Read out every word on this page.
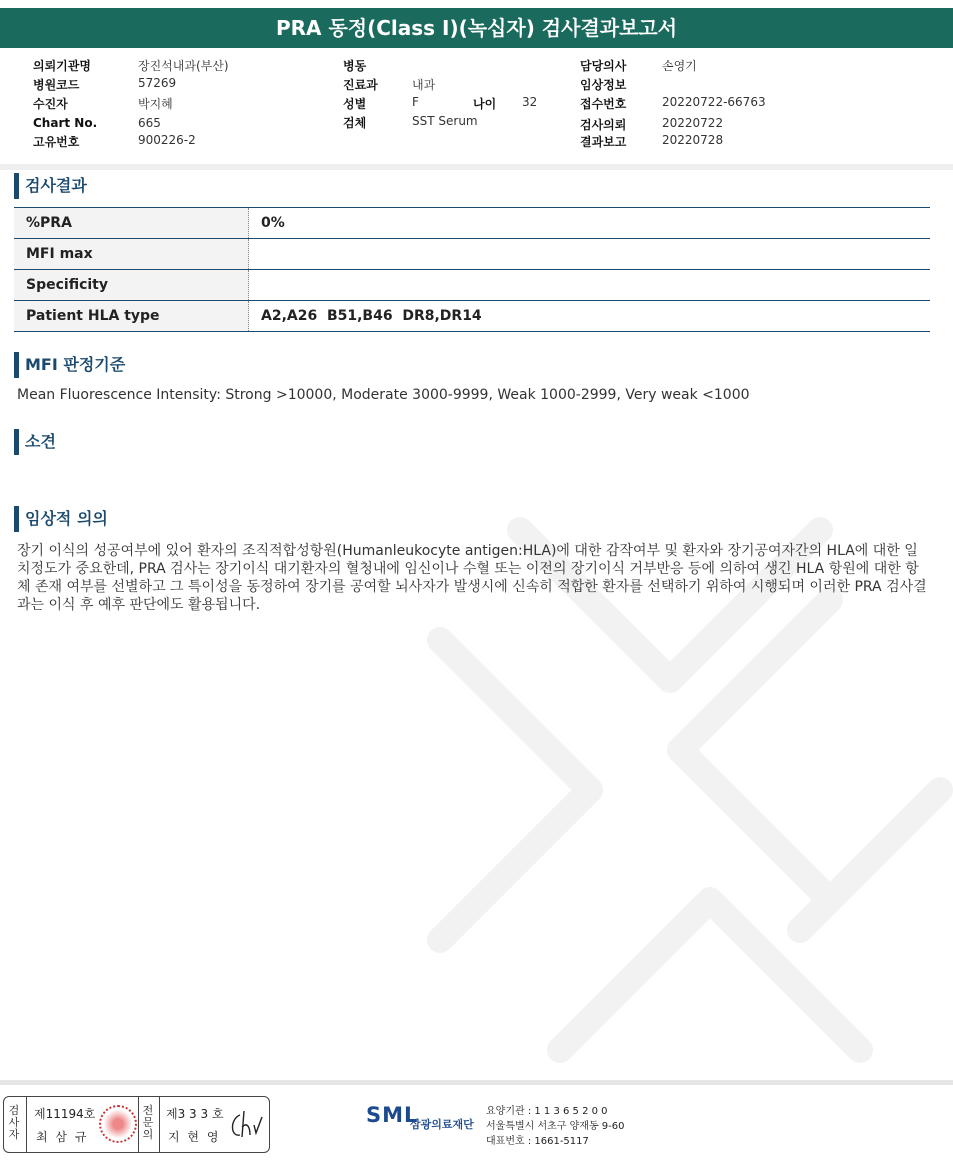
PRA 동정(Class I)(녹십자) 검사결과보고서
의뢰기관명	장진석내과(부산)
병원코드	57269
수진자	박지혜
Chart No.	665
고유번호	900226-2
병동
진료과	내과
성별	F
검체	SST Serum
나이 32
담당의사	손영기
임상정보
접수번호	20220722-66763
검사의뢰	20220722
결과보고	20220728
검사결과
%PRA	0%
MFI max	
Specificity	
Patient HLA type	A2,A26  B51,B46  DR8,DR14
MFI 판정기준
Mean Fluorescence Intensity: Strong >10000, Moderate 3000-9999, Weak 1000-2999, Very weak <1000
소견
임상적 의의
장기 이식의 성공여부에 있어 환자의 조직적합성항원(Humanleukocyte antigen:HLA)에 대한 감작여부 및 환자와 장기공여자간의 HLA에 대한 일치정도가 중요한데, PRA 검사는 장기이식 대기환자의 혈청내에 임신이나 수혈 또는 이전의 장기이식 거부반응 등에 의하여 생긴 HLA 항원에 대한 항체 존재 여부를 선별하고 그 특이성을 동정하여 장기를 공여할 뇌사자가 발생시에 신속히 적합한 환자를 선택하기 위하여 시행되며 이러한 PRA 검사결과는 이식 후 예후 판단에도 활용됩니다.
검사자
제11194호
최 삼 규
전문의
제3 3 3 호
지 현 영
SML
삼광의료재단
요양기관 : 1 1 3 6 5 2 0 0
서울특별시 서초구 양재동 9-60
대표번호 : 1661-5117
